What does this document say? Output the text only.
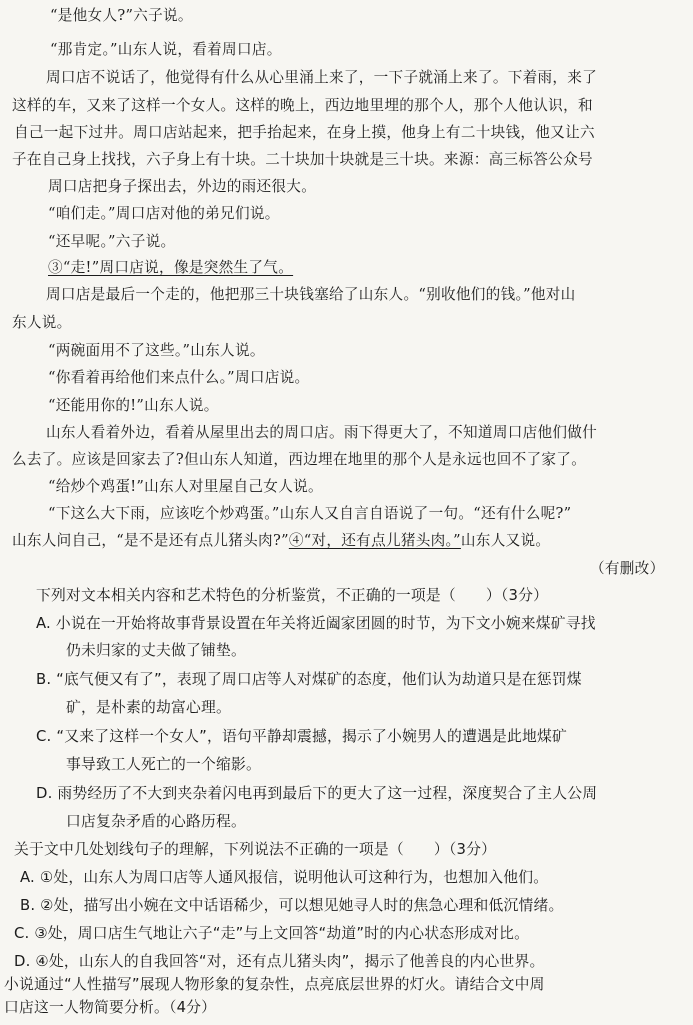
“是他女人?”六子说。
“那肯定。”山东人说，看着周口店。
周口店不说话了，他觉得有什么从心里涌上来了，一下子就涌上来了。下着雨，来了
这样的车，又来了这样一个女人。这样的晚上，西边地里埋的那个人，那个人他认识，和
自己一起下过井。周口店站起来，把手抬起来，在身上摸，他身上有二十块钱，他又让六
子在自己身上找找，六子身上有十块。二十块加十块就是三十块。来源：高三标答公众号
周口店把身子探出去，外边的雨还很大。
“咱们走。”周口店对他的弟兄们说。
“还早呢。”六子说。
③“走!”周口店说，像是突然生了气。
周口店是最后一个走的，他把那三十块钱塞给了山东人。“别收他们的钱。”他对山
东人说。
“两碗面用不了这些。”山东人说。
“你看着再给他们来点什么。”周口店说。
“还能用你的!”山东人说。
山东人看着外边，看着从屋里出去的周口店。雨下得更大了，不知道周口店他们做什
么去了。应该是回家去了?但山东人知道，西边埋在地里的那个人是永远也回不了家了。
“给炒个鸡蛋!”山东人对里屋自己女人说。
“下这么大下雨，应该吃个炒鸡蛋。”山东人又自言自语说了一句。“还有什么呢?”
山东人问自己，“是不是还有点儿猪头肉?”④“对，还有点儿猪头肉。”山东人又说。
（有删改）
下列对文本相关内容和艺术特色的分析鉴赏，不正确的一项是（　　）（3分）
A. 小说在一开始将故事背景设置在年关将近阖家团圆的时节，为下文小婉来煤矿寻找
仍未归家的丈夫做了铺垫。
B. “底气便又有了”，表现了周口店等人对煤矿的态度，他们认为劫道只是在惩罚煤
矿，是朴素的劫富心理。
C. “又来了这样一个女人”，语句平静却震撼，揭示了小婉男人的遭遇是此地煤矿
事导致工人死亡的一个缩影。
D. 雨势经历了不大到夹杂着闪电再到最后下的更大了这一过程，深度契合了主人公周
口店复杂矛盾的心路历程。
关于文中几处划线句子的理解，下列说法不正确的一项是（　　）（3分）
A. ①处，山东人为周口店等人通风报信，说明他认可这种行为，也想加入他们。
B. ②处，描写出小婉在文中话语稀少，可以想见她寻人时的焦急心理和低沉情绪。
C. ③处，周口店生气地让六子“走”与上文回答“劫道”时的内心状态形成对比。
D. ④处，山东人的自我回答“对，还有点儿猪头肉”，揭示了他善良的内心世界。
小说通过“人性描写”展现人物形象的复杂性，点亮底层世界的灯火。请结合文中周
口店这一人物简要分析。（4分）
